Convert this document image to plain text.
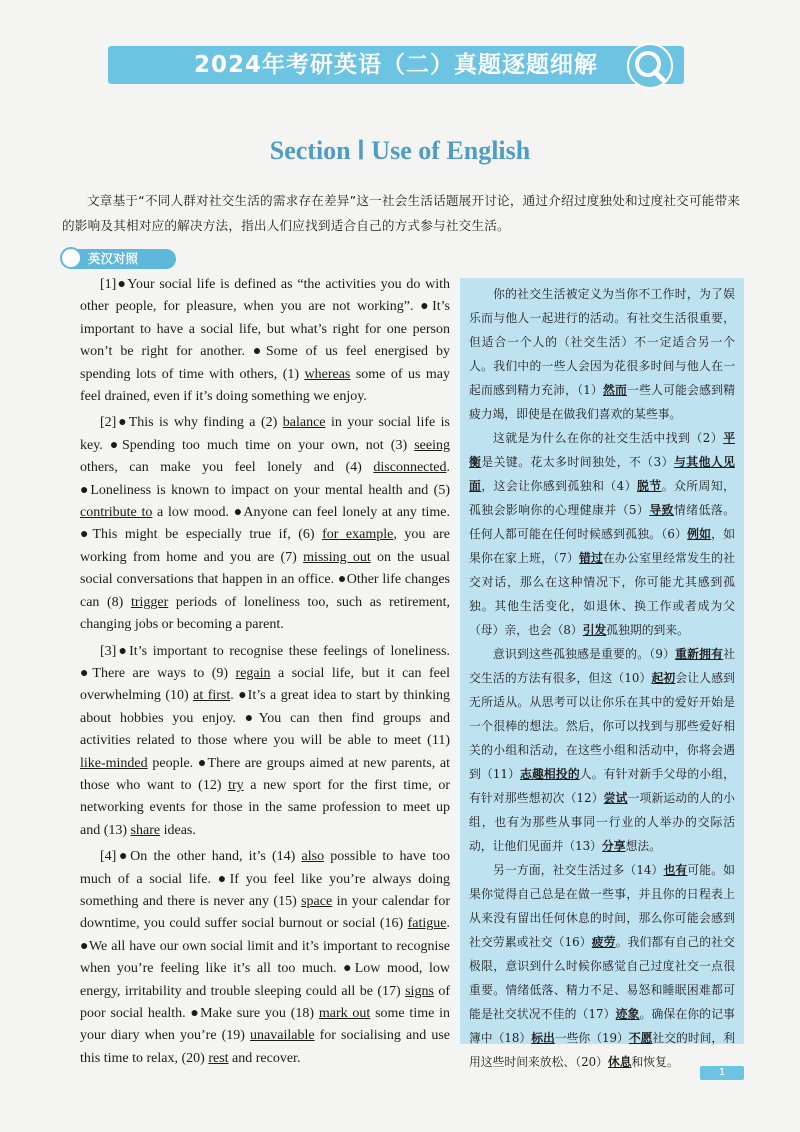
2024年考研英语（二）真题逐题细解
Section Ⅰ Use of English
文章基于“不同人群对社交生活的需求存在差异”这一社会生活话题展开讨论，通过介绍过度独处和过度社交可能带来的影响及其相对应的解决方法，指出人们应找到适合自己的方式参与社交生活。
英汉对照

[1]●Your social life is defined as “the activities you do with other people, for pleasure, when you are not working”. ●It’s important to have a social life, but what’s right for one person won’t be right for another. ●Some of us feel energised by spending lots of time with others, (1) whereas some of us may feel drained, even if it’s doing something we enjoy.

[2]●This is why finding a (2) balance in your social life is key. ●Spending too much time on your own, not (3) seeing others, can make you feel lonely and (4) disconnected. ●Loneliness is known to impact on your mental health and (5) contribute to a low mood. ●Anyone can feel lonely at any time. ●This might be especially true if, (6) for example, you are working from home and you are (7) missing out on the usual social conversations that happen in an office. ●Other life changes can (8) trigger periods of loneliness too, such as retirement, changing jobs or becoming a parent.

[3]●It’s important to recognise these feelings of loneliness. ●There are ways to (9) regain a social life, but it can feel overwhelming (10) at first. ●It’s a great idea to start by thinking about hobbies you enjoy. ●You can then find groups and activities related to those where you will be able to meet (11) like-minded people. ●There are groups aimed at new parents, at those who want to (12) try a new sport for the first time, or networking events for those in the same profession to meet up and (13) share ideas.

[4]●On the other hand, it’s (14) also possible to have too much of a social life. ●If you feel like you’re always doing something and there is never any (15) space in your calendar for downtime, you could suffer social burnout or social (16) fatigue. ●We all have our own social limit and it’s important to recognise when you’re feeling like it’s all too much. ●Low mood, low energy, irritability and trouble sleeping could all be (17) signs of poor social health. ●Make sure you (18) mark out some time in your diary when you’re (19) unavailable for socialising and use this time to relax, (20) rest and recover.

你的社交生活被定义为当你不工作时，为了娱乐而与他人一起进行的活动。有社交生活很重要，但适合一个人的（社交生活）不一定适合另一个人。我们中的一些人会因为花很多时间与他人在一起而感到精力充沛，（1）然而一些人可能会感到精疲力竭，即使是在做我们喜欢的某些事。

这就是为什么在你的社交生活中找到（2）平衡是关键。花太多时间独处，不（3）与其他人见面，这会让你感到孤独和（4）脱节。众所周知，孤独会影响你的心理健康并（5）导致情绪低落。任何人都可能在任何时候感到孤独。（6）例如，如果你在家上班，（7）错过在办公室里经常发生的社交对话，那么在这种情况下，你可能尤其感到孤独。其他生活变化，如退休、换工作或者成为父（母）亲，也会（8）引发孤独期的到来。

意识到这些孤独感是重要的。（9）重新拥有社交生活的方法有很多，但这（10）起初会让人感到无所适从。从思考可以让你乐在其中的爱好开始是一个很棒的想法。然后，你可以找到与那些爱好相关的小组和活动，在这些小组和活动中，你将会遇到（11）志趣相投的人。有针对新手父母的小组，有针对那些想初次（12）尝试一项新运动的人的小组，也有为那些从事同一行业的人举办的交际活动，让他们见面并（13）分享想法。

另一方面，社交生活过多（14）也有可能。如果你觉得自己总是在做一些事，并且你的日程表上从来没有留出任何休息的时间，那么你可能会感到社交劳累或社交（16）疲劳。我们都有自己的社交极限，意识到什么时候你感觉自己过度社交一点很重要。情绪低落、精力不足、易怒和睡眠困难都可能是社交状况不佳的（17）迹象。确保在你的记事簿中（18）标出一些你（19）不愿社交的时间，利用这些时间来放松、（20）休息和恢复。

1
